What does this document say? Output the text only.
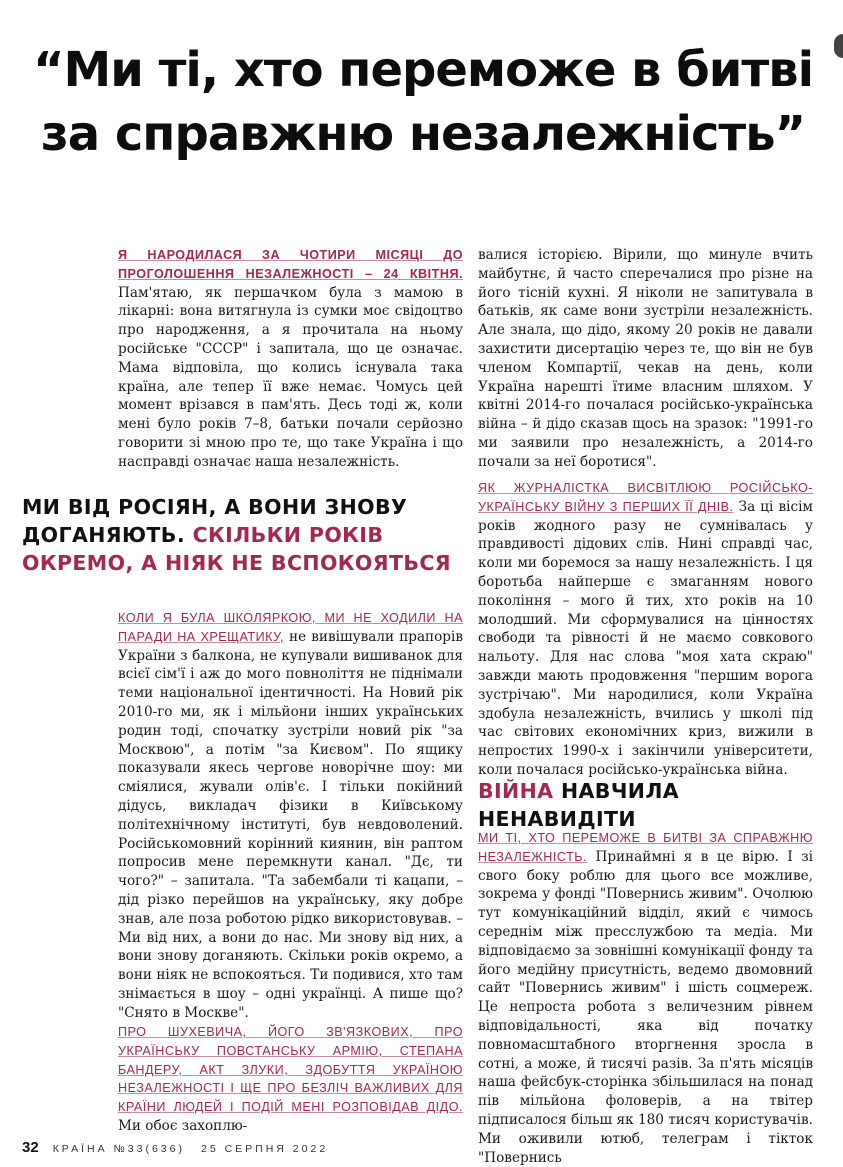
“Ми ті, хто переможе в битві
за справжню незалежність”

Я НАРОДИЛАСЯ ЗА ЧОТИРИ МІСЯЦІ ДО ПРОГОЛОШЕННЯ НЕЗАЛЕЖНОСТІ – 24 КВІТНЯ. Пам'ятаю, як першачком була з мамою в лікарні: вона витягнула із сумки моє свідоцтво про народження, а я прочитала на ньому російське "СССР" і запитала, що це означає. Мама відповіла, що колись існувала така країна, але тепер її вже немає. Чомусь цей момент врізався в пам'ять. Десь тоді ж, коли мені було років 7–8, батьки почали серйозно говорити зі мною про те, що таке Україна і що насправді означає наша незалежність.

МИ ВІД РОСІЯН, А ВОНИ ЗНОВУ ДОГАНЯЮТЬ. СКІЛЬКИ РОКІВ ОКРЕМО, А НІЯК НЕ ВСПОКОЯТЬСЯ

КОЛИ Я БУЛА ШКОЛЯРКОЮ, МИ НЕ ХОДИЛИ НА ПАРАДИ НА ХРЕЩАТИКУ, не вивішували прапорів України з балкона, не купували вишиванок для всієї сім'ї і аж до мого повноліття не піднімали теми національної ідентичності. На Новий рік 2010-го ми, як і мільйони інших українських родин тоді, спочатку зустріли новий рік "за Москвою", а потім "за Києвом". По ящику показували якесь чергове новорічне шоу: ми сміялися, жували олів'є. І тільки покійний дідусь, викладач фізики в Київському політехнічному інституті, був невдоволений. Російськомовний корінний киянин, він раптом попросив мене перемкнути канал. "Дє, ти чого?" – запитала. "Та забембали ті кацапи, – дід різко перейшов на українську, яку добре знав, але поза роботою рідко використовував. – Ми від них, а вони до нас. Ми знову від них, а вони знову доганяють. Скільки років окремо, а вони ніяк не вспокояться. Ти подивися, хто там знімається в шоу – одні українці. А пише що? "Снято в Москве".

ПРО ШУХЕВИЧА, ЙОГО ЗВ'ЯЗКОВИХ, ПРО УКРАЇНСЬКУ ПОВСТАНСЬКУ АРМІЮ, СТЕПАНА БАНДЕРУ, АКТ ЗЛУКИ, ЗДОБУТТЯ УКРАЇНОЮ НЕЗАЛЕЖНОСТІ І ЩЕ ПРО БЕЗЛІЧ ВАЖЛИВИХ ДЛЯ КРАЇНИ ЛЮДЕЙ І ПОДІЙ МЕНІ РОЗПОВІДАВ ДІДО. Ми обоє захоплю-

валися історією. Вірили, що минуле вчить майбутнє, й часто сперечалися про різне на його тісній кухні. Я ніколи не запитувала в батьків, як саме вони зустріли незалежність. Але знала, що дідо, якому 20 років не давали захистити дисертацію через те, що він не був членом Компартії, чекав на день, коли Україна нарешті їтиме власним шляхом. У квітні 2014-го почалася російсько-українська війна – й дідо сказав щось на зразок: "1991-го ми заявили про незалежність, а 2014-го почали за неї боротися".

ЯК ЖУРНАЛІСТКА ВИСВІТЛЮЮ РОСІЙСЬКО-УКРАЇНСЬКУ ВІЙНУ З ПЕРШИХ ЇЇ ДНІВ. За ці вісім років жодного разу не сумнівалась у правдивості дідових слів. Нині справді час, коли ми боремося за нашу незалежність. І ця боротьба найперше є змаганням нового покоління – мого й тих, хто років на 10 молодший. Ми сформувалися на цінностях свободи та рівності й не маємо совкового нальоту. Для нас слова "моя хата скраю" завжди мають продовження "першим ворога зустрічаю". Ми народилися, коли Україна здобула незалежність, вчились у школі під час світових економічних криз, вижили в непростих 1990-х і закінчили університети, коли почалася російсько-українська війна.

ВІЙНА НАВЧИЛА НЕНАВИДІТИ

МИ ТІ, ХТО ПЕРЕМОЖЕ В БИТВІ ЗА СПРАВЖНЮ НЕЗАЛЕЖНІСТЬ. Принаймні я в це вірю. І зі свого боку роблю для цього все можливе, зокрема у фонді "Повернись живим". Очолюю тут комунікаційний відділ, який є чимось середнім між пресслужбою та медіа. Ми відповідаємо за зовнішні комунікації фонду та його медійну присутність, ведемо двомовний сайт "Повернись живим" і шість соцмереж. Це непроста робота з величезним рівнем відповідальності, яка від початку повномасштабного вторгнення зросла в сотні, а може, й тисячі разів. За п'ять місяців наша фейсбук-сторінка збільшилася на понад пів мільйона фоловерів, а на твітер підписалося більш як 180 тисяч користувачів. Ми оживили ютюб, телеграм і тікток "Повернись

32 КРАЇНА №33(636) 25 СЕРПНЯ 2022
